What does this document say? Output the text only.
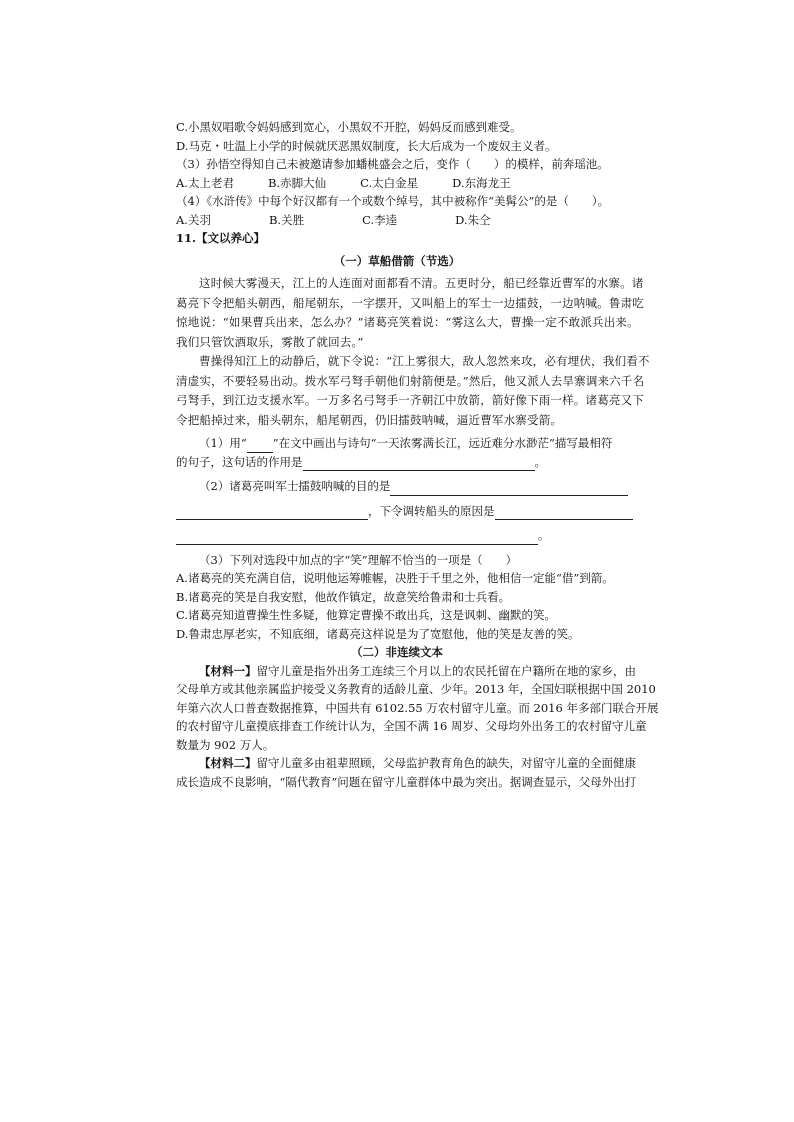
C.小黑奴唱歌令妈妈感到宽心，小黑奴不开腔，妈妈反而感到难受。
D.马克・吐温上小学的时候就厌恶黑奴制度，长大后成为一个废奴主义者。
（3）孙悟空得知自己未被邀请参加蟠桃盛会之后，变作（　　）的模样，前奔瑶池。
A.太上老君	B.赤脚大仙	C.太白金星	D.东海龙王
（4）《水浒传》中每个好汉都有一个或数个绰号，其中被称作“美髯公”的是（　　）。
A.关羽	B.关胜	C.李逵	D.朱仝
11.【文以养心】
（一）草船借箭（节选）
这时候大雾漫天，江上的人连面对面都看不清。五更时分，船已经靠近曹军的水寨。诸
葛亮下令把船头朝西，船尾朝东，一字摆开，又叫船上的军士一边擂鼓，一边呐喊。鲁肃吃
惊地说：“如果曹兵出来，怎么办？”诸葛亮笑着说：“雾这么大，曹操一定不敢派兵出来。
我们只管饮酒取乐，雾散了就回去。”
曹操得知江上的动静后，就下令说：“江上雾很大，敌人忽然来攻，必有埋伏，我们看不
清虚实，不要轻易出动。拨水军弓弩手朝他们射箭便是。”然后，他又派人去旱寨调来六千名
弓弩手，到江边支援水军。一万多名弓弩手一齐朝江中放箭，箭好像下雨一样。诸葛亮又下
令把船掉过来，船头朝东，船尾朝西，仍旧擂鼓呐喊，逼近曹军水寨受箭。
（1）用“ ”在文中画出与诗句“一天浓雾满长江，远近难分水渺茫”描写最相符
的句子，这句话的作用是	。
（2）诸葛亮叫军士擂鼓呐喊的目的是
，下令调转船头的原因是
。
（3）下列对选段中加点的字“笑”理解不恰当的一项是（　　）
A.诸葛亮的笑充满自信，说明他运筹帷幄，决胜于千里之外，他相信一定能“借”到箭。
B.诸葛亮的笑是自我安慰，他故作镇定，故意笑给鲁肃和士兵看。
C.诸葛亮知道曹操生性多疑，他算定曹操不敢出兵，这是讽刺、幽默的笑。
D.鲁肃忠厚老实，不知底细，诸葛亮这样说是为了宽慰他，他的笑是友善的笑。
（二）非连续文本
【材料一】留守儿童是指外出务工连续三个月以上的农民托留在户籍所在地的家乡，由
父母单方或其他亲属监护接受义务教育的适龄儿童、少年。2013 年，全国妇联根据中国 2010
年第六次人口普查数据推算，中国共有 6102.55 万农村留守儿童。而 2016 年多部门联合开展
的农村留守儿童摸底排查工作统计认为，全国不满 16 周岁、父母均外出务工的农村留守儿童
数量为 902 万人。
【材料二】留守儿童多由祖辈照顾，父母监护教育角色的缺失，对留守儿童的全面健康
成长造成不良影响，“隔代教育”问题在留守儿童群体中最为突出。据调查显示，父母外出打
